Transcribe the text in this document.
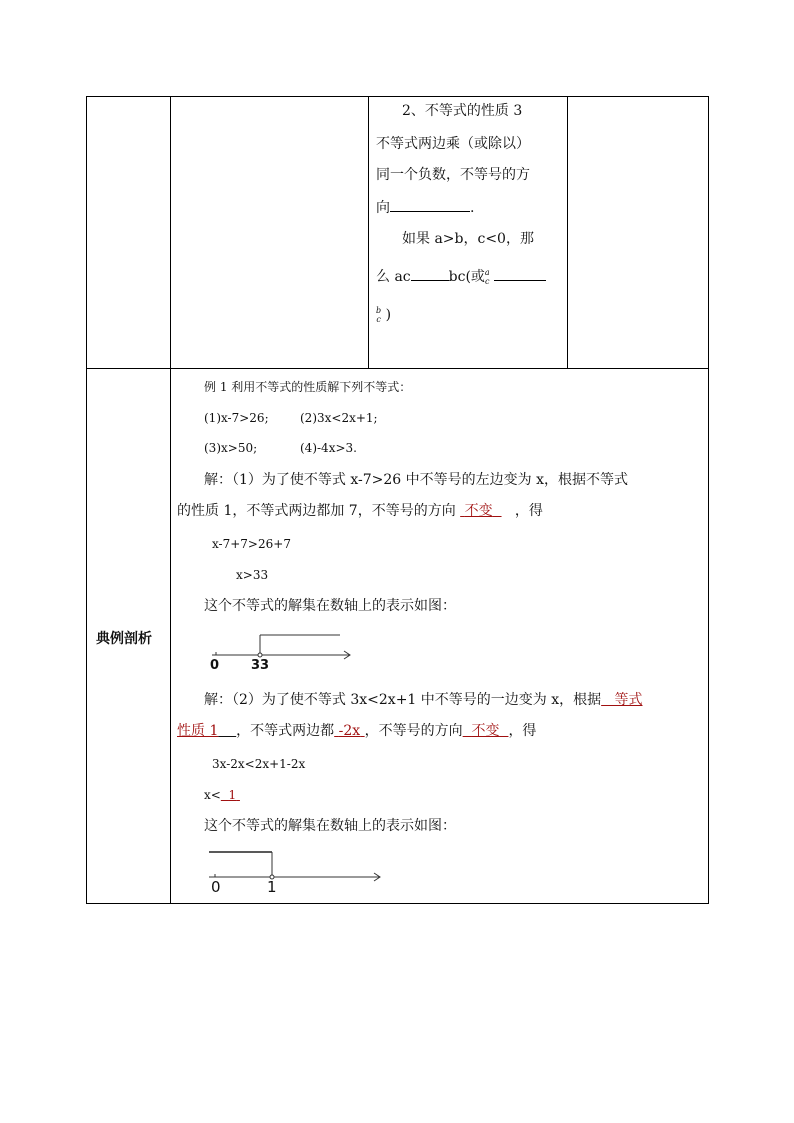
2、不等式的性质 3
不等式两边乘（或除以）
同一个负数，不等号的方
向	.
如果 a>b，c<0，那
么 ac	bc(或a
c
b
c )
典例剖析
例 1 利用不等式的性质解下列不等式：
(1)x-7>26;	(2)3x<2x+1;
(3)x>50;	(4)-4x>3.
解：（1）为了使不等式 x-7>26 中不等号的左边变为 x，根据不等式
的性质 1，不等式两边都加 7，不等号的方向  不变 ，得
x-7+7>26+7
x>33
这个不等式的解集在数轴上的表示如图：
0 33
解：（2）为了使不等式 3x<2x+1 中不等号的一边变为 x，根据 等式
性质 1 ，不等式两边都 -2x ，不等号的方向 不变 ，得
3x-2x<2x+1-2x
x< 1
这个不等式的解集在数轴上的表示如图：
0	1
